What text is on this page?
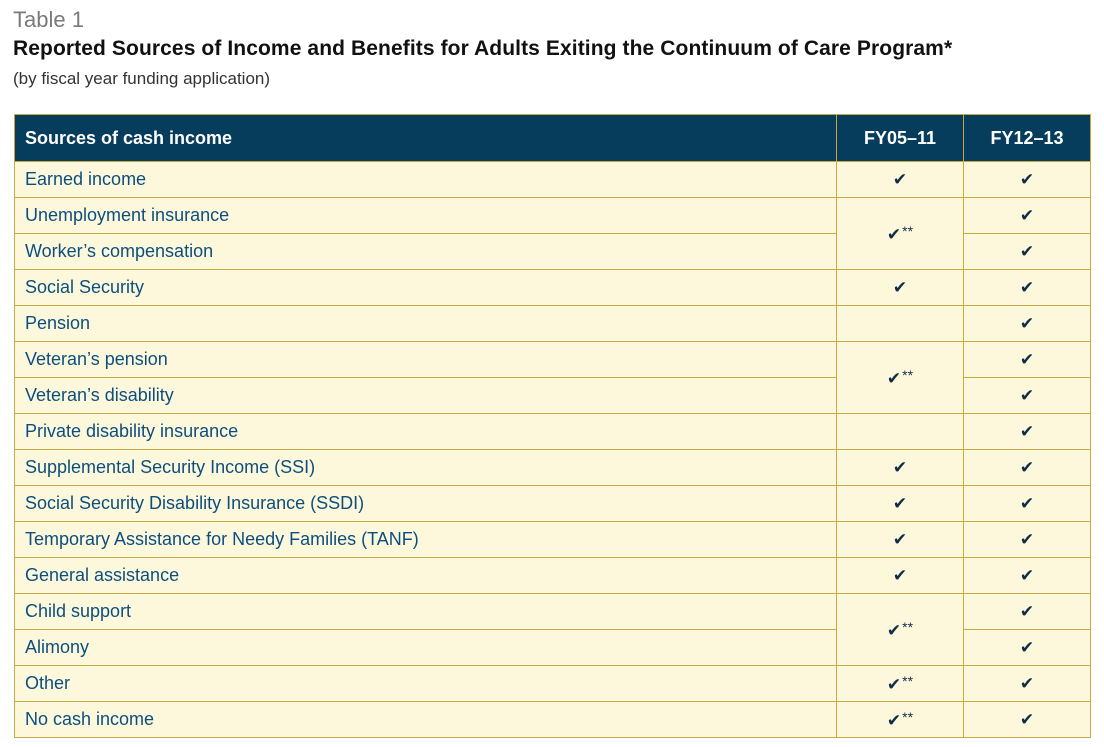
Table 1
Reported Sources of Income and Benefits for Adults Exiting the Continuum of Care Program*
(by fiscal year funding application)
Sources of cash income	FY05–11	FY12–13
Earned income	✔	✔
Unemployment insurance	✔**	✔
Worker’s compensation		✔
Social Security	✔	✔
Pension		✔
Veteran’s pension	✔**	✔
Veteran’s disability		✔
Private disability insurance		✔
Supplemental Security Income (SSI)	✔	✔
Social Security Disability Insurance (SSDI)	✔	✔
Temporary Assistance for Needy Families (TANF)	✔	✔
General assistance	✔	✔
Child support	✔**	✔
Alimony		✔
Other	✔**	✔
No cash income	✔**	✔
